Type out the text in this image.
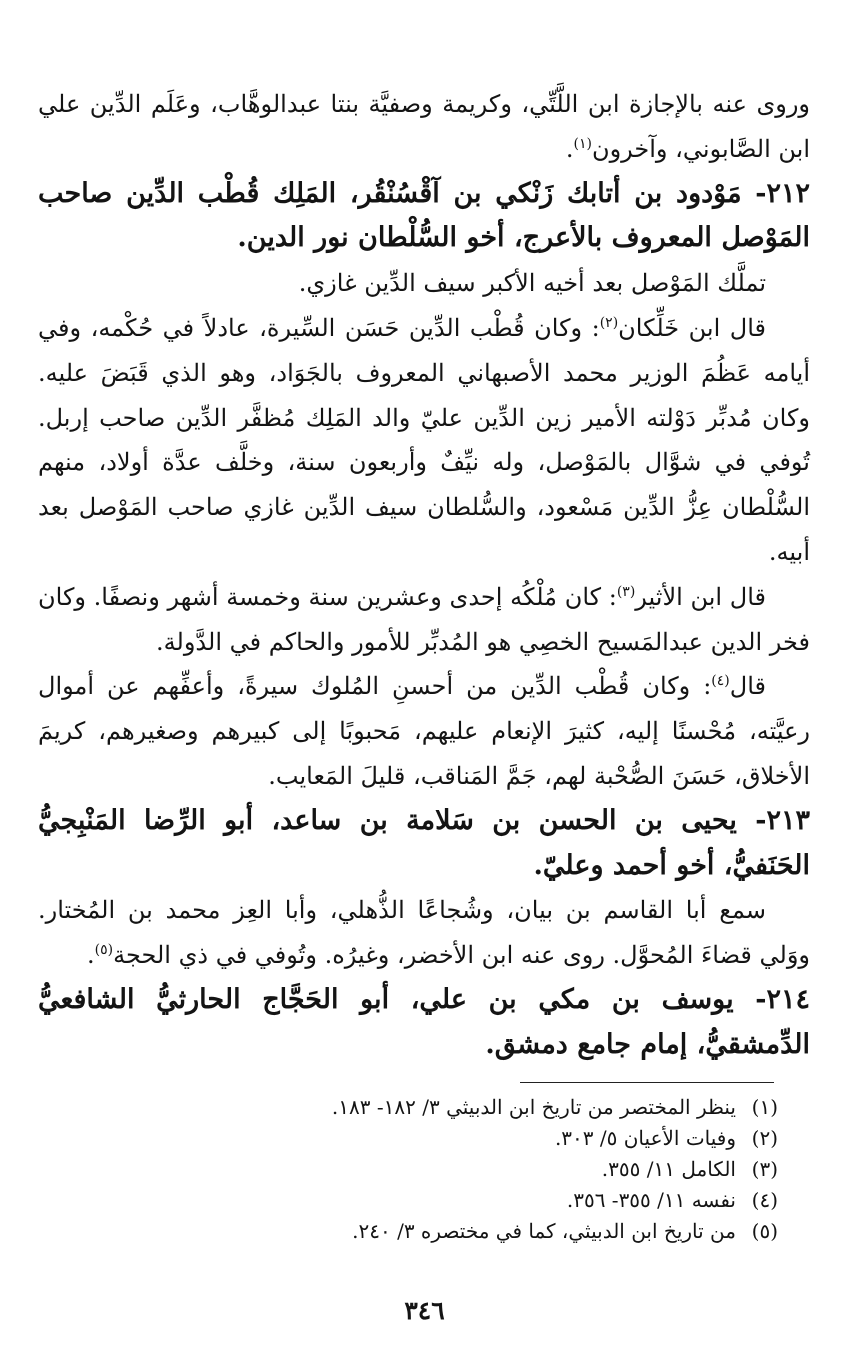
وروى عنه بالإجازة ابن اللَّتِّي، وكريمة وصفيَّة بنتا عبدالوهَّاب، وعَلَم الدِّين علي ابن الصَّابوني، وآخرون$^{(١)}$.

٢١٢- مَوْدود بن أتابك زَنْكي بن آقْسُنْقُر، المَلِك قُطْب الدِّين صاحب المَوْصل المعروف بالأعرج، أخو السُّلْطان نور الدين.

تملَّك المَوْصل بعد أخيه الأكبر سيف الدِّين غازي.

قال ابن خَلِّكان$^{(٢)}$: وكان قُطْب الدِّين حَسَن السِّيرة، عادلاً في حُكْمه، وفي أيامه عَظُمَ الوزير محمد الأصبهاني المعروف بالجَوَاد، وهو الذي قَبَضَ عليه. وكان مُدبِّر دَوْلته الأمير زين الدِّين عليّ والد المَلِك مُظفَّر الدِّين صاحب إربل. تُوفي في شوَّال بالمَوْصل، وله نيِّفٌ وأربعون سنة، وخلَّف عدَّة أولاد، منهم السُّلْطان عِزُّ الدِّين مَسْعود، والسُّلطان سيف الدِّين غازي صاحب المَوْصل بعد أبيه.

قال ابن الأثير$^{(٣)}$: كان مُلْكُه إحدى وعشرين سنة وخمسة أشهر ونصفًا. وكان فخر الدين عبدالمَسيح الخصِي هو المُدبِّر للأمور والحاكم في الدَّولة.

قال$^{(٤)}$: وكان قُطْب الدِّين من أحسنِ المُلوك سيرةً، وأعفِّهم عن أموال رعيَّته، مُحْسنًا إليه، كثيرَ الإنعام عليهم، مَحبوبًا إلى كبيرهم وصغيرهم، كريمَ الأخلاق، حَسَنَ الصُّحْبة لهم، جَمَّ المَناقب، قليلَ المَعايب.

٢١٣- يحيى بن الحسن بن سَلامة بن ساعد، أبو الرِّضا المَنْبِجيُّ الحَنَفيُّ، أخو أحمد وعليّ.

سمع أبا القاسم بن بيان، وشُجاعًا الذُّهلي، وأبا العِز محمد بن المُختار. ووَلي قضاءَ المُحوَّل. روى عنه ابن الأخضر، وغيرُه. وتُوفي في ذي الحجة$^{(٥)}$.

٢١٤- يوسف بن مكي بن علي، أبو الحَجَّاج الحارثيُّ الشافعيُّ الدِّمشقيُّ، إمام جامع دمشق.

(١)ينظر المختصر من تاريخ ابن الدبيثي ٣/ ١٨٢- ١٨٣.
(٢)وفيات الأعيان ٥/ ٣٠٣.
(٣)الكامل ١١/ ٣٥٥.
(٤)نفسه ١١/ ٣٥٥- ٣٥٦.
(٥)من تاريخ ابن الدبيثي، كما في مختصره ٣/ ٢٤٠.
٣٤٦
